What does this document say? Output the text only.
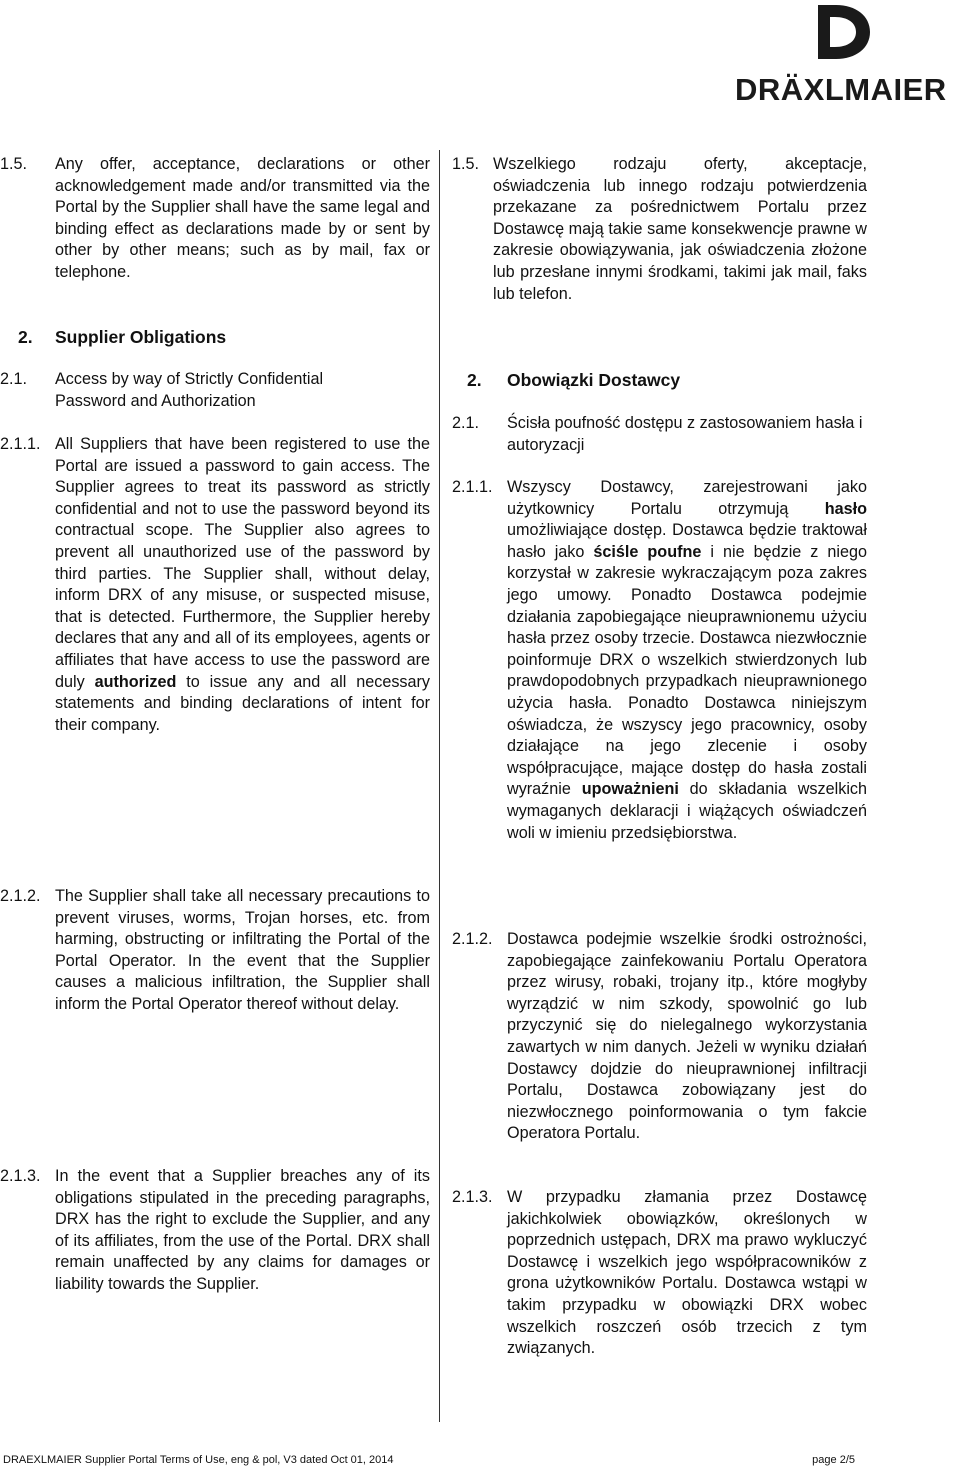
DRÄXLMAIER
1.5. Any offer, acceptance, declarations or other acknowledgement made and/or transmitted via the Portal by the Supplier shall have the same legal and binding effect as declarations made by or sent by other by other means; such as by mail, fax or telephone.
2. Supplier Obligations
2.1. Access by way of Strictly Confidential Password and Authorization
2.1.1. All Suppliers that have been registered to use the Portal are issued a password to gain access. The Supplier agrees to treat its password as strictly confidential and not to use the password beyond its contractual scope. The Supplier also agrees to prevent all unauthorized use of the password by third parties. The Supplier shall, without delay, inform DRX of any misuse, or suspected misuse, that is detected. Furthermore, the Supplier hereby declares that any and all of its employees, agents or affiliates that have access to use the password are duly authorized to issue any and all necessary statements and binding declarations of intent for their company.
2.1.2. The Supplier shall take all necessary precautions to prevent viruses, worms, Trojan horses, etc. from harming, obstructing or infiltrating the Portal of the Portal Operator. In the event that the Supplier causes a malicious infiltration, the Supplier shall inform the Portal Operator thereof without delay.
2.1.3. In the event that a Supplier breaches any of its obligations stipulated in the preceding paragraphs, DRX has the right to exclude the Supplier, and any of its affiliates, from the use of the Portal. DRX shall remain unaffected by any claims for damages or liability towards the Supplier.
1.5. Wszelkiego rodzaju oferty, akceptacje, oświadczenia lub innego rodzaju potwierdzenia przekazane za pośrednictwem Portalu przez Dostawcę mają takie same konsekwencje prawne w zakresie obowiązywania, jak oświadczenia złożone lub przesłane innymi środkami, takimi jak mail, faks lub telefon.
2. Obowiązki Dostawcy
2.1. Ścisła poufność dostępu z zastosowaniem hasła i autoryzacji
2.1.1. Wszyscy Dostawcy, zarejestrowani jako użytkownicy Portalu otrzymują hasło umożliwiające dostęp. Dostawca będzie traktował hasło jako ściśle poufne i nie będzie z niego korzystał w zakresie wykraczającym poza zakres jego umowy. Ponadto Dostawca podejmie działania zapobiegające nieuprawnionemu użyciu hasła przez osoby trzecie. Dostawca niezwłocznie poinformuje DRX o wszelkich stwierdzonych lub prawdopodobnych przypadkach nieuprawnionego użycia hasła. Ponadto Dostawca niniejszym oświadcza, że wszyscy jego pracownicy, osoby działające na jego zlecenie i osoby współpracujące, mające dostęp do hasła zostali wyraźnie upoważnieni do składania wszelkich wymaganych deklaracji i wiążących oświadczeń woli w imieniu przedsiębiorstwa.
2.1.2. Dostawca podejmie wszelkie środki ostrożności, zapobiegające zainfekowaniu Portalu Operatora przez wirusy, robaki, trojany itp., które mogłyby wyrządzić w nim szkody, spowolnić go lub przyczynić się do nielegalnego wykorzystania zawartych w nim danych. Jeżeli w wyniku działań Dostawcy dojdzie do nieuprawnionej infiltracji Portalu, Dostawca zobowiązany jest do niezwłocznego poinformowania o tym fakcie Operatora Portalu.
2.1.3. W przypadku złamania przez Dostawcę jakichkolwiek obowiązków, określonych w poprzednich ustępach, DRX ma prawo wykluczyć Dostawcę i wszelkich jego współpracowników z grona użytkowników Portalu. Dostawca wstąpi w takim przypadku w obowiązki DRX wobec wszelkich roszczeń osób trzecich z tym związanych.
DRAEXLMAIER Supplier Portal Terms of Use, eng & pol, V3 dated Oct 01, 2014	page 2/5
